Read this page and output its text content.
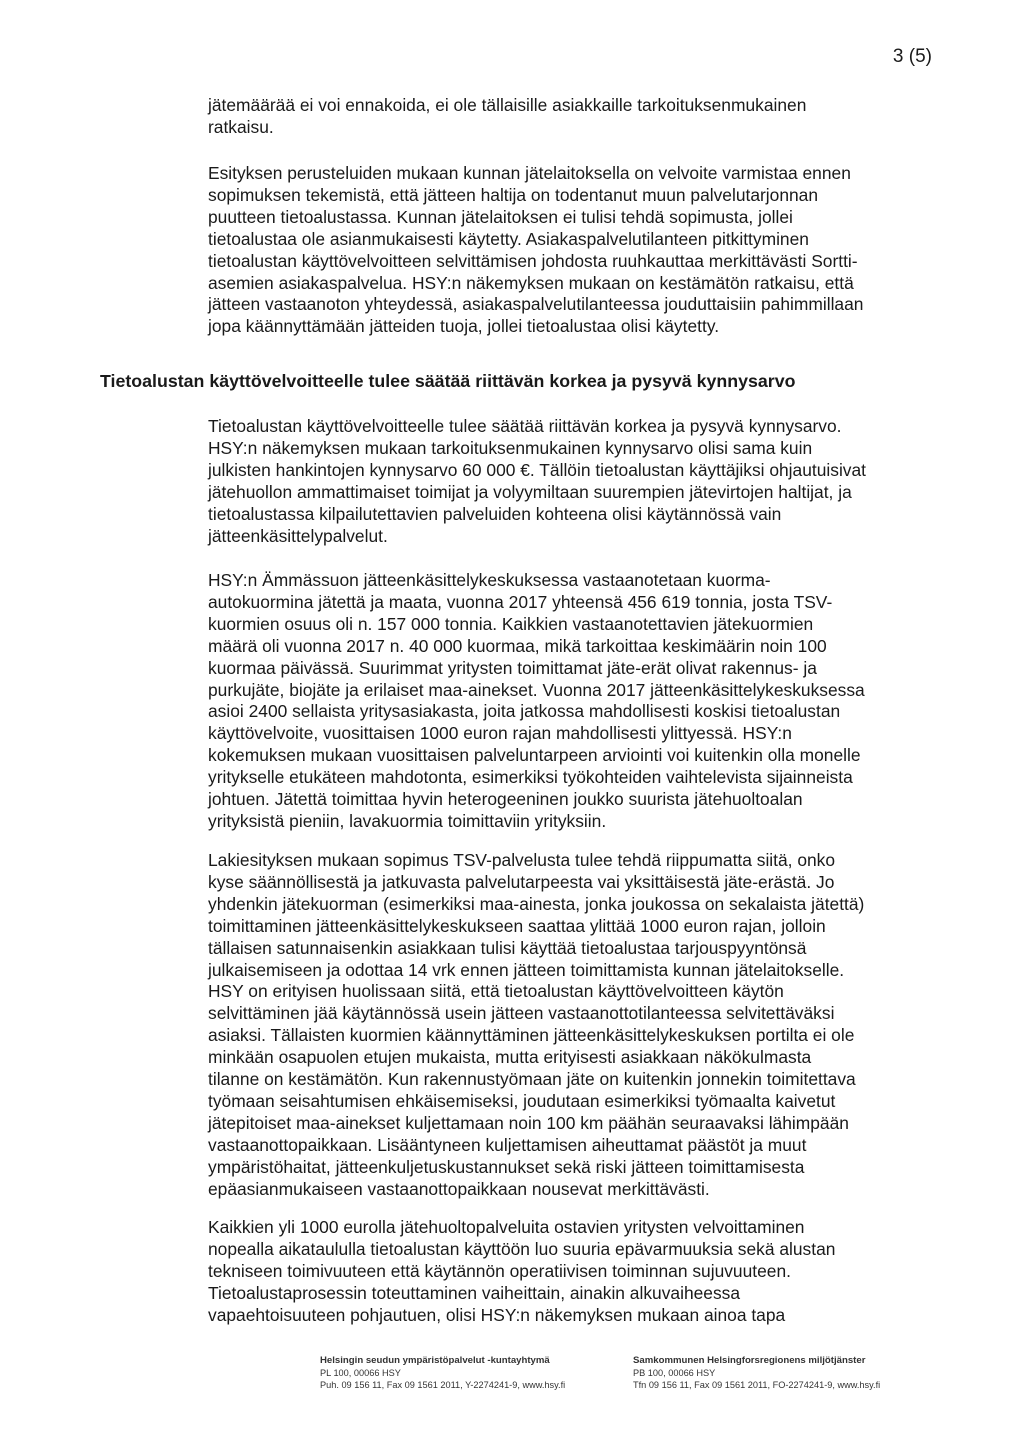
3 (5)

jätemäärää ei voi ennakoida, ei ole tällaisille asiakkaille tarkoituksenmukainen
ratkaisu.

Esityksen perusteluiden mukaan kunnan jätelaitoksella on velvoite varmistaa ennen
sopimuksen tekemistä, että jätteen haltija on todentanut muun palvelutarjonnan
puutteen tietoalustassa. Kunnan jätelaitoksen ei tulisi tehdä sopimusta, jollei
tietoalustaa ole asianmukaisesti käytetty. Asiakaspalvelutilanteen pitkittyminen
tietoalustan käyttövelvoitteen selvittämisen johdosta ruuhkauttaa merkittävästi Sortti-
asemien asiakaspalvelua. HSY:n näkemyksen mukaan on kestämätön ratkaisu, että
jätteen vastaanoton yhteydessä, asiakaspalvelutilanteessa jouduttaisiin pahimmillaan
jopa käännyttämään jätteiden tuoja, jollei tietoalustaa olisi käytetty.

Tietoalustan käyttövelvoitteelle tulee säätää riittävän korkea ja pysyvä kynnysarvo

Tietoalustan käyttövelvoitteelle tulee säätää riittävän korkea ja pysyvä kynnysarvo.
HSY:n näkemyksen mukaan tarkoituksenmukainen kynnysarvo olisi sama kuin
julkisten hankintojen kynnysarvo 60 000 €. Tällöin tietoalustan käyttäjiksi ohjautuisivat
jätehuollon ammattimaiset toimijat ja volyymiltaan suurempien jätevirtojen haltijat, ja
tietoalustassa kilpailutettavien palveluiden kohteena olisi käytännössä vain
jätteenkäsittelypalvelut.

HSY:n Ämmässuon jätteenkäsittelykeskuksessa vastaanotetaan kuorma-
autokuormina jätettä ja maata, vuonna 2017 yhteensä 456 619 tonnia, josta TSV-
kuormien osuus oli n. 157 000 tonnia. Kaikkien vastaanotettavien jätekuormien
määrä oli vuonna 2017 n. 40 000 kuormaa, mikä tarkoittaa keskimäärin noin 100
kuormaa päivässä. Suurimmat yritysten toimittamat jäte-erät olivat rakennus- ja
purkujäte, biojäte ja erilaiset maa-ainekset. Vuonna 2017 jätteenkäsittelykeskuksessa
asioi 2400 sellaista yritysasiakasta, joita jatkossa mahdollisesti koskisi tietoalustan
käyttövelvoite, vuosittaisen 1000 euron rajan mahdollisesti ylittyessä. HSY:n
kokemuksen mukaan vuosittaisen palveluntarpeen arviointi voi kuitenkin olla monelle
yritykselle etukäteen mahdotonta, esimerkiksi työkohteiden vaihtelevista sijainneista
johtuen. Jätettä toimittaa hyvin heterogeeninen joukko suurista jätehuoltoalan
yrityksistä pieniin, lavakuormia toimittaviin yrityksiin.

Lakiesityksen mukaan sopimus TSV-palvelusta tulee tehdä riippumatta siitä, onko
kyse säännöllisestä ja jatkuvasta palvelutarpeesta vai yksittäisestä jäte-erästä. Jo
yhdenkin jätekuorman (esimerkiksi maa-ainesta, jonka joukossa on sekalaista jätettä)
toimittaminen jätteenkäsittelykeskukseen saattaa ylittää 1000 euron rajan, jolloin
tällaisen satunnaisenkin asiakkaan tulisi käyttää tietoalustaa tarjouspyyntönsä
julkaisemiseen ja odottaa 14 vrk ennen jätteen toimittamista kunnan jätelaitokselle.
HSY on erityisen huolissaan siitä, että tietoalustan käyttövelvoitteen käytön
selvittäminen jää käytännössä usein jätteen vastaanottotilanteessa selvitettäväksi
asiaksi. Tällaisten kuormien käännyttäminen jätteenkäsittelykeskuksen portilta ei ole
minkään osapuolen etujen mukaista, mutta erityisesti asiakkaan näkökulmasta
tilanne on kestämätön. Kun rakennustyömaan jäte on kuitenkin jonnekin toimitettava
työmaan seisahtumisen ehkäisemiseksi, joudutaan esimerkiksi työmaalta kaivetut
jätepitoiset maa-ainekset kuljettamaan noin 100 km päähän seuraavaksi lähimpään
vastaanottopaikkaan. Lisääntyneen kuljettamisen aiheuttamat päästöt ja muut
ympäristöhaitat, jätteenkuljetuskustannukset sekä riski jätteen toimittamisesta
epäasianmukaiseen vastaanottopaikkaan nousevat merkittävästi.

Kaikkien yli 1000 eurolla jätehuoltopalveluita ostavien yritysten velvoittaminen
nopealla aikataululla tietoalustan käyttöön luo suuria epävarmuuksia sekä alustan
tekniseen toimivuuteen että käytännön operatiivisen toiminnan sujuvuuteen.
Tietoalustaprosessin toteuttaminen vaiheittain, ainakin alkuvaiheessa
vapaehtoisuuteen pohjautuen, olisi HSY:n näkemyksen mukaan ainoa tapa

Helsingin seudun ympäristöpalvelut -kuntayhtymä
PL 100, 00066 HSY
Puh. 09 156 11, Fax 09 1561 2011, Y-2274241-9, www.hsy.fi
Samkommunen Helsingforsregionens miljötjänster
PB 100, 00066 HSY
Tfn 09 156 11, Fax 09 1561 2011, FO-2274241-9, www.hsy.fi
